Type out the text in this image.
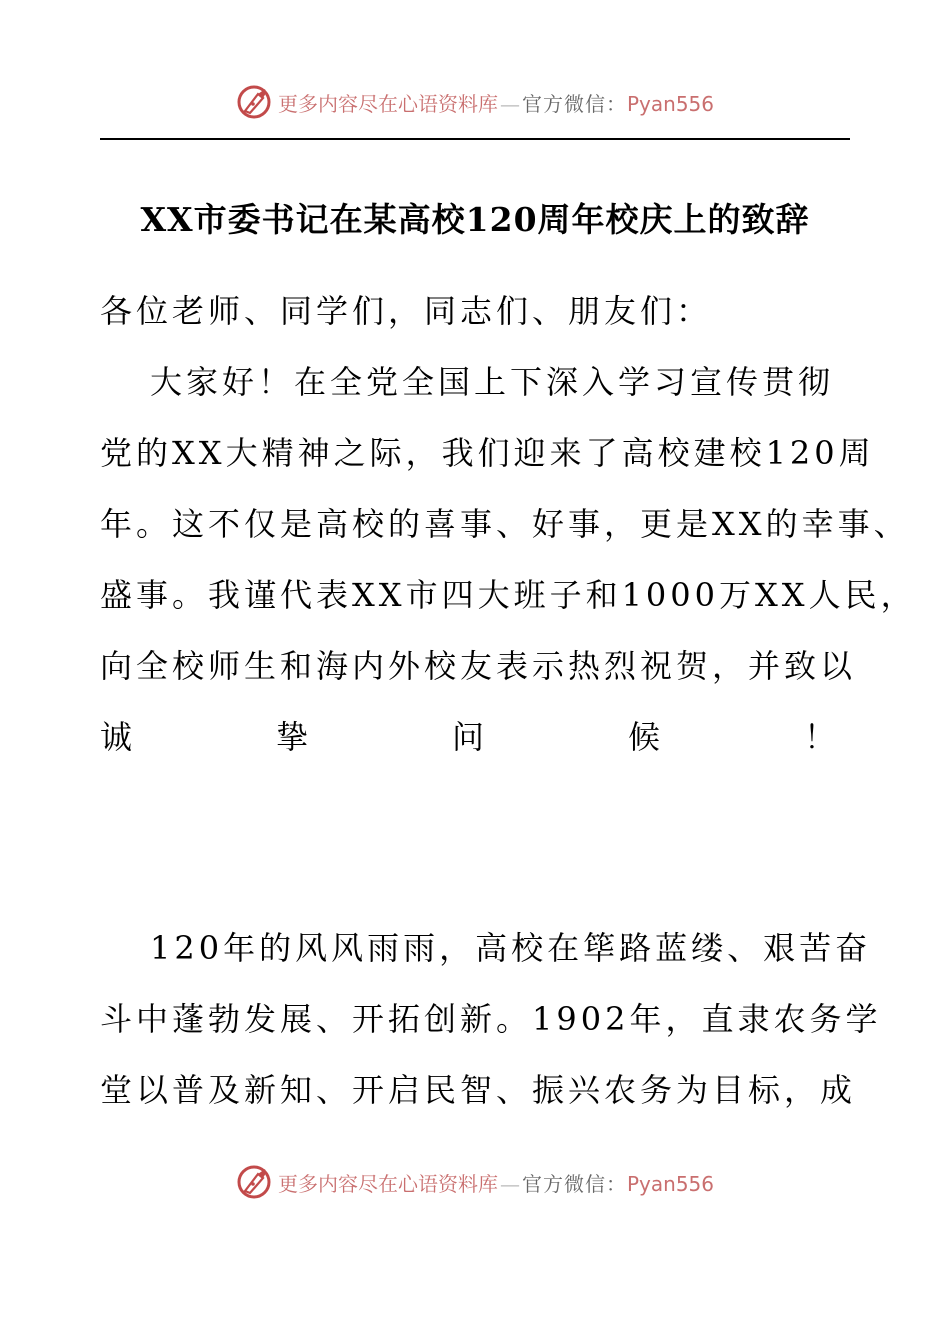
更多内容尽在心语资料库 — 官方微信：Pyan556
XX市委书记在某高校120周年校庆上的致辞
各位老师、同学们，同志们、朋友们：
大家好！在全党全国上下深入学习宣传贯彻
党的XX大精神之际，我们迎来了高校建校120周
年。这不仅是高校的喜事、好事，更是XX的幸事、
盛事。我谨代表XX市四大班子和1000万XX人民，
向全校师生和海内外校友表示热烈祝贺，并致以
诚	挚	问	候	！
120年的风风雨雨，高校在筚路蓝缕、艰苦奋
斗中蓬勃发展、开拓创新。1902年，直隶农务学
堂以普及新知、开启民智、振兴农务为目标，成
更多内容尽在心语资料库 — 官方微信：Pyan556
